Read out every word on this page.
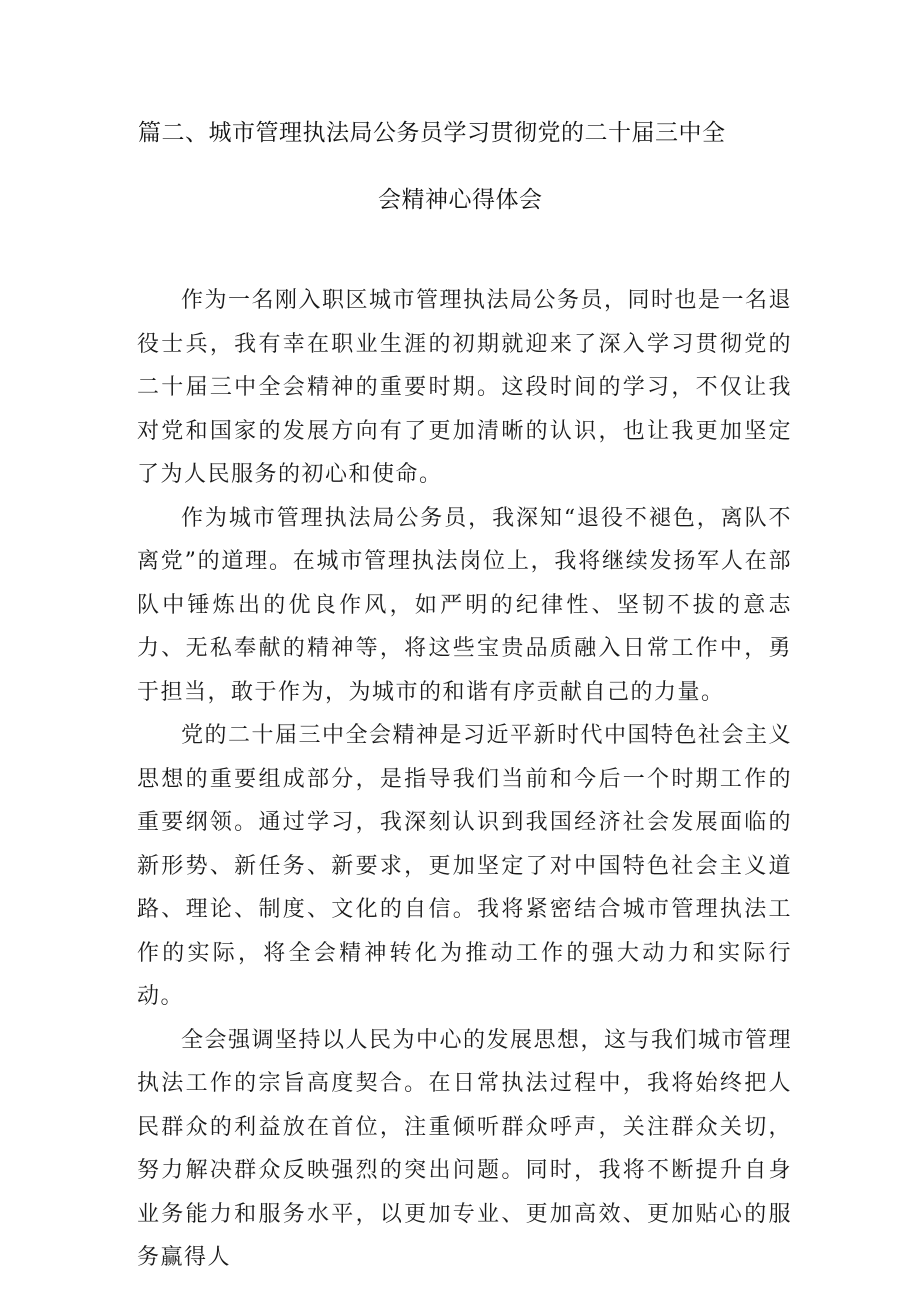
篇二、城市管理执法局公务员学习贯彻党的二十届三中全
会精神心得体会

作为一名刚入职区城市管理执法局公务员，同时也是一名退役士兵，我有幸在职业生涯的初期就迎来了深入学习贯彻党的二十届三中全会精神的重要时期。这段时间的学习，不仅让我对党和国家的发展方向有了更加清晰的认识，也让我更加坚定了为人民服务的初心和使命。

作为城市管理执法局公务员，我深知“退役不褪色，离队不离党”的道理。在城市管理执法岗位上，我将继续发扬军人在部队中锤炼出的优良作风，如严明的纪律性、坚韧不拔的意志力、无私奉献的精神等，将这些宝贵品质融入日常工作中，勇于担当，敢于作为，为城市的和谐有序贡献自己的力量。

党的二十届三中全会精神是习近平新时代中国特色社会主义思想的重要组成部分，是指导我们当前和今后一个时期工作的重要纲领。通过学习，我深刻认识到我国经济社会发展面临的新形势、新任务、新要求，更加坚定了对中国特色社会主义道路、理论、制度、文化的自信。我将紧密结合城市管理执法工作的实际，将全会精神转化为推动工作的强大动力和实际行动。

全会强调坚持以人民为中心的发展思想，这与我们城市管理执法工作的宗旨高度契合。在日常执法过程中，我将始终把人民群众的利益放在首位，注重倾听群众呼声，关注群众关切，努力解决群众反映强烈的突出问题。同时，我将不断提升自身业务能力和服务水平，以更加专业、更加高效、更加贴心的服务赢得人
